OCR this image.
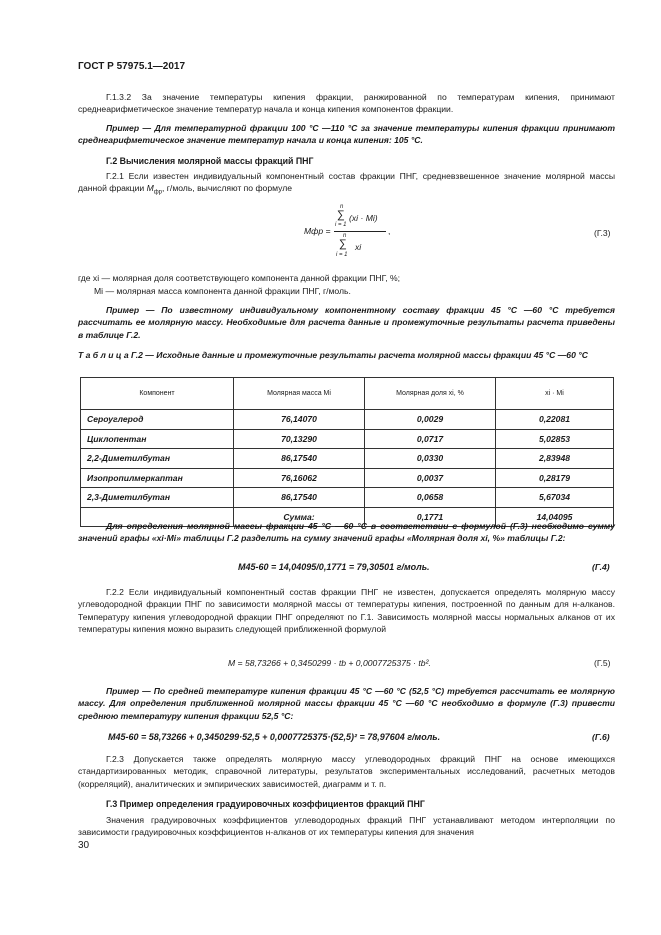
ГОСТ Р 57975.1—2017

Г.1.3.2 За значение температуры кипения фракции, ранжированной по температурам кипения, принимают среднеарифметическое значение температур начала и конца кипения компонентов фракции.

Пример — Для температурной фракции 100 °С —110 °С за значение температуры кипения фракции принимают среднеарифметическое значение температур начала и конца кипения: 105 °С.

Г.2 Вычисления молярной массы фракций ПНГ

Г.2.1 Если известен индивидуальный компонентный состав фракции ПНГ, средневзвешенное значение молярной массы данной фракции $M_{фр}$, г/моль, вычисляют по формуле

Mфр =
n
∑
i = 1
(xi · Mi)
n
∑
i = 1
xi
,	(Г.3)
где xi — молярная доля соответствующего компонента данной фракции ПНГ, %;
Mi — молярная масса компонента данной фракции ПНГ, г/моль.

Пример — По известному индивидуальному компонентному составу фракции 45 °С —60 °С требуется рассчитать ее молярную массу. Необходимые для расчета данные и промежуточные результаты расчета приведены в таблице Г.2.

Т а б л и ц а Г.2 — Исходные данные и промежуточные результаты расчета молярной массы фракции 45 °С —60 °С
Компонент	Молярная масса Mi	Молярная доля xi, %	xi · Mi
Сероуглерод	76,14070	0,0029	0,22081
Циклопентан	70,13290	0,0717	5,02853
2,2-Диметилбутан	86,17540	0,0330	2,83948
Изопропилмеркаптан	76,16062	0,0037	0,28179
2,3-Диметилбутан	86,17540	0,0658	5,67034
	Сумма:	0,1771	14,04095

Для определения молярной массы фракции 45 °С —60 °С в соответствии с формулой (Г.3) необходимо сумму значений графы «xi·Mi» таблицы Г.2 разделить на сумму значений графы «Молярная доля xi, %» таблицы Г.2:

M45-60 = 14,04095/0,1771 = 79,30501 г/моль.	(Г.4)

Г.2.2 Если индивидуальный компонентный состав фракции ПНГ не известен, допускается определять молярную массу углеводородной фракции ПНГ по зависимости молярной массы от температуры кипения, построенной по данным для н-алканов. Температуру кипения углеводородной фракции ПНГ определяют по Г.1. Зависимость молярной массы нормальных алканов от их температуры кипения можно выразить следующей приближенной формулой

M = 58,73266 + 0,3450299 · tb + 0,0007725375 · tb².	(Г.5)

Пример — По средней температуре кипения фракции 45 °С —60 °С (52,5 °С) требуется рассчитать ее молярную массу. Для определения приближенной молярной массы фракции 45 °С —60 °С необходимо в формуле (Г.3) привести среднюю температуру кипения фракции 52,5 °С:

M45-60 = 58,73266 + 0,3450299·52,5 + 0,0007725375·(52,5)² = 78,97604 г/моль.	(Г.6)

Г.2.3 Допускается также определять молярную массу углеводородных фракций ПНГ на основе имеющихся стандартизированных методик, справочной литературы, результатов экспериментальных исследований, расчетных методов (корреляций), аналитических и эмпирических зависимостей, диаграмм и т. п.

Г.3 Пример определения градуировочных коэффициентов фракций ПНГ

Значения градуировочных коэффициентов углеводородных фракций ПНГ устанавливают методом интерполяции по зависимости градуировочных коэффициентов н-алканов от их температуры кипения для значения

30
